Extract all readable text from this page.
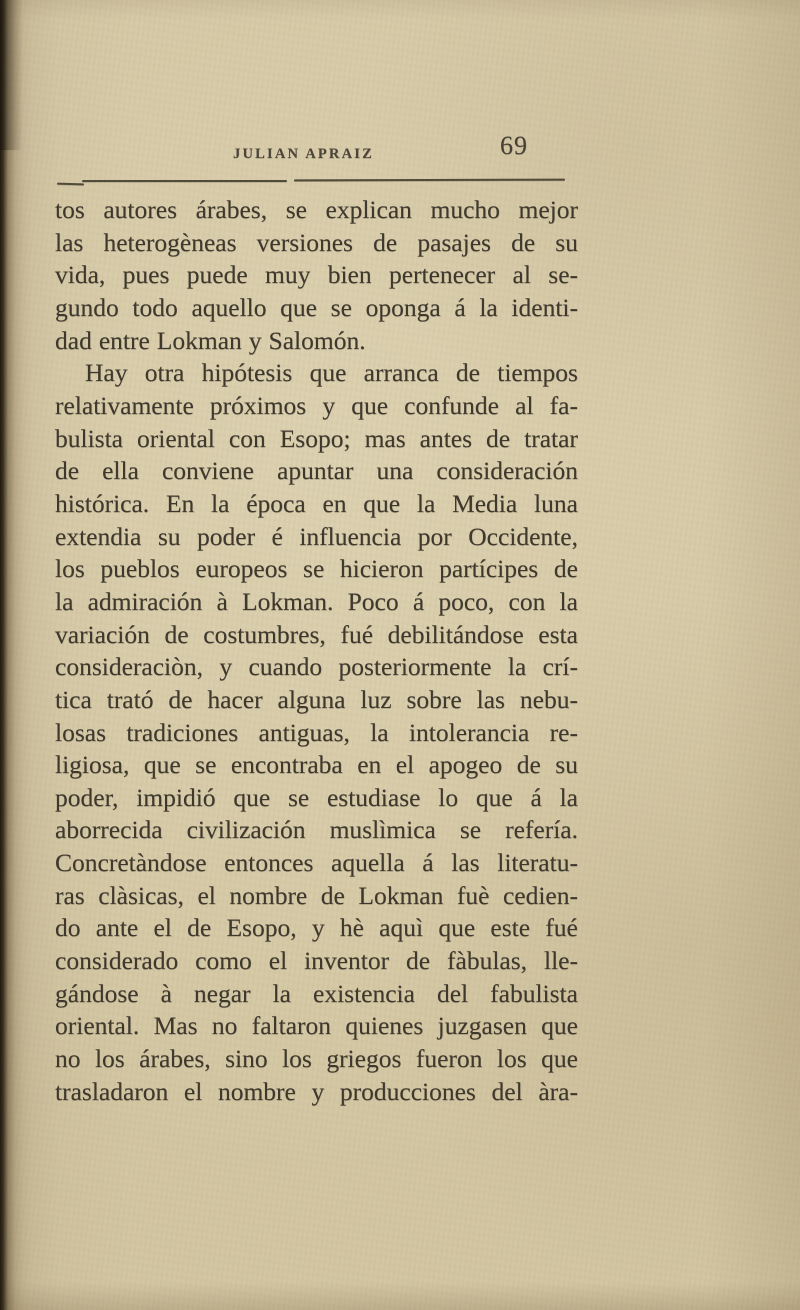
JULIAN APRAIZ	69
tos autores árabes, se explican mucho mejor
las heterogèneas versiones de pasajes de su
vida, pues puede muy bien pertenecer al se-
gundo todo aquello que se oponga á la identi-
dad entre Lokman y Salomón.
Hay otra hipótesis que arranca de tiempos
relativamente próximos y que confunde al fa-
bulista oriental con Esopo; mas antes de tratar
de ella conviene apuntar una consideración
histórica. En la época en que la Media luna
extendia su poder é influencia por Occidente,
los pueblos europeos se hicieron partícipes de
la admiración à Lokman. Poco á poco, con la
variación de costumbres, fué debilitándose esta
consideraciòn, y cuando posteriormente la crí-
tica trató de hacer alguna luz sobre las nebu-
losas tradiciones antiguas, la intolerancia re-
ligiosa, que se encontraba en el apogeo de su
poder, impidió que se estudiase lo que á la
aborrecida civilización muslìmica se refería.
Concretàndose entonces aquella á las literatu-
ras clàsicas, el nombre de Lokman fuè cedien-
do ante el de Esopo, y hè aquì que este fué
considerado como el inventor de fàbulas, lle-
gándose à negar la existencia del fabulista
oriental. Mas no faltaron quienes juzgasen que
no los árabes, sino los griegos fueron los que
trasladaron el nombre y producciones del àra-
